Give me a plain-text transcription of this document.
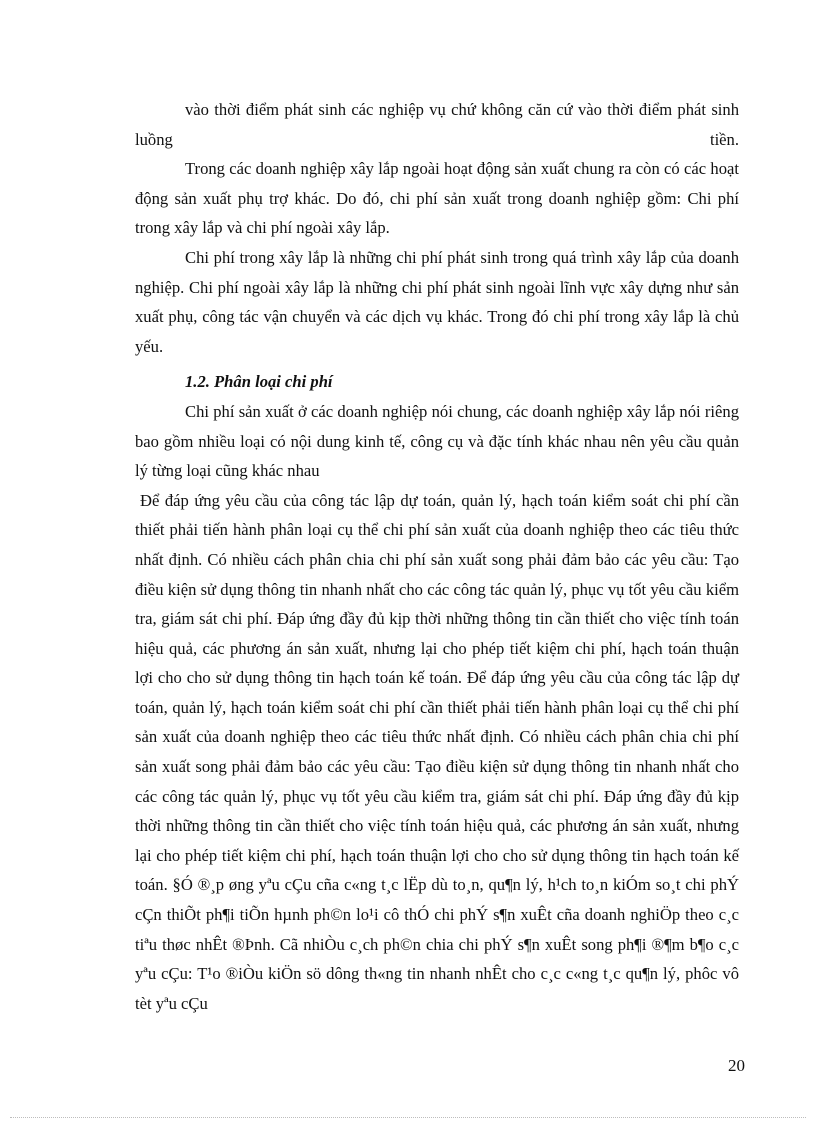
vào thời điểm phát sinh các nghiệp vụ chứ không căn cứ vào thời điểm phát sinh luồng tiền.

Trong các doanh nghiệp xây lắp ngoài hoạt động sản xuất chung ra còn có các hoạt động sản xuất phụ trợ khác. Do đó, chi phí sản xuất trong doanh nghiệp gồm: Chi phí trong xây lắp và chi phí ngoài xây lắp.

Chi phí trong xây lắp là những chi phí phát sinh trong quá trình xây lắp của doanh nghiệp. Chi phí ngoài xây lắp là những chi phí phát sinh ngoài lĩnh vực xây dựng như sản xuất phụ, công tác vận chuyển và các dịch vụ khác. Trong đó chi phí trong xây lắp là chủ yếu.

1.2. Phân loại chi phí

Chi phí sản xuất ở các doanh nghiệp nói chung, các doanh nghiệp xây lắp nói riêng bao gồm nhiều loại có nội dung kinh tế, công cụ và đặc tính khác nhau nên yêu cầu quản lý từng loại cũng khác nhau

Để đáp ứng yêu cầu của công tác lập dự toán, quản lý, hạch toán kiểm soát chi phí cần thiết phải tiến hành phân loại cụ thể chi phí sản xuất của doanh nghiệp theo các tiêu thức nhất định. Có nhiều cách phân chia chi phí sản xuất song phải đảm bảo các yêu cầu: Tạo điều kiện sử dụng thông tin nhanh nhất cho các công tác quản lý, phục vụ tốt yêu cầu kiểm tra, giám sát chi phí. Đáp ứng đầy đủ kịp thời những thông tin cần thiết cho việc tính toán hiệu quả, các phương án sản xuất, nhưng lại cho phép tiết kiệm chi phí, hạch toán thuận lợi cho cho sử dụng thông tin hạch toán kế toán. Để đáp ứng yêu cầu của công tác lập dự toán, quản lý, hạch toán kiểm soát chi phí cần thiết phải tiến hành phân loại cụ thể chi phí sản xuất của doanh nghiệp theo các tiêu thức nhất định. Có nhiều cách phân chia chi phí sản xuất song phải đảm bảo các yêu cầu: Tạo điều kiện sử dụng thông tin nhanh nhất cho các công tác quản lý, phục vụ tốt yêu cầu kiểm tra, giám sát chi phí. Đáp ứng đầy đủ kịp thời những thông tin cần thiết cho việc tính toán hiệu quả, các phương án sản xuất, nhưng lại cho phép tiết kiệm chi phí, hạch toán thuận lợi cho cho sử dụng thông tin hạch toán kế toán. §Ó ®¸p øng yªu cÇu cña c«ng t¸c lËp dù to¸n, qu¶n lý, h¹ch to¸n kiÓm so¸t chi phÝ cÇn thiÕt ph¶i tiÕn hµnh ph©n lo¹i cô thÓ chi phÝ s¶n xuÊt cña doanh nghiÖp theo c¸c tiªu thøc nhÊt ®Þnh. Cã nhiÒu c¸ch ph©n chia chi phÝ s¶n xuÊt song ph¶i ®¶m b¶o c¸c yªu cÇu: T¹o ®iÒu kiÖn sö dông th«ng tin nhanh nhÊt cho c¸c c«ng t¸c qu¶n lý, phôc vô tèt yªu cÇu

20
